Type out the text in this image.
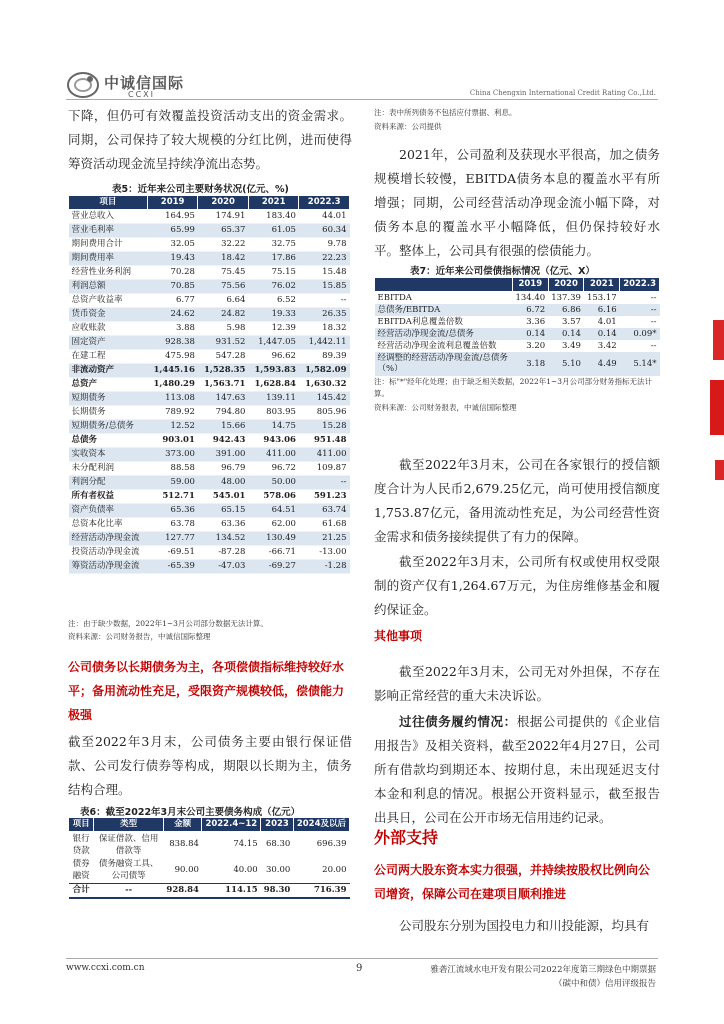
中诚信国际
CCXI	China Chengxin International Credit Rating Co.,Ltd.
下降，但仍可有效覆盖投资活动支出的资金需求。同期，公司保持了较大规模的分红比例，进而使得筹资活动现金流呈持续净流出态势。
表5：近年来公司主要财务状况(亿元、%)
项目	2019	2020	2021	2022.3
营业总收入	164.95	174.91	183.40	44.01
营业毛利率	65.99	65.37	61.05	60.34
期间费用合计	32.05	32.22	32.75	9.78
期间费用率	19.43	18.42	17.86	22.23
经营性业务利润	70.28	75.45	75.15	15.48
利润总额	70.85	75.56	76.02	15.85
总资产收益率	6.77	6.64	6.52	--
货币资金	24.62	24.82	19.33	26.35
应收账款	3.88	5.98	12.39	18.32
固定资产	928.38	931.52	1,447.05	1,442.11
在建工程	475.98	547.28	96.62	89.39
非流动资产	1,445.16	1,528.35	1,593.83	1,582.09
总资产	1,480.29	1,563.71	1,628.84	1,630.32
短期债务	113.08	147.63	139.11	145.42
长期债务	789.92	794.80	803.95	805.96
短期债务/总债务	12.52	15.66	14.75	15.28
总债务	903.01	942.43	943.06	951.48
实收资本	373.00	391.00	411.00	411.00
未分配利润	88.58	96.79	96.72	109.87
利润分配	59.00	48.00	50.00	--
所有者权益	512.71	545.01	578.06	591.23
资产负债率	65.36	65.15	64.51	63.74
总资本化比率	63.78	63.36	62.00	61.68
经营活动净现金流	127.77	134.52	130.49	21.25
投资活动净现金流	-69.51	-87.28	-66.71	-13.00
筹资活动净现金流	-65.39	-47.03	-69.27	-1.28
注：由于缺少数据，2022年1~3月公司部分数据无法计算。
资料来源：公司财务报告，中诚信国际整理
公司债务以长期债务为主，各项偿债指标维持较好水平；备用流动性充足，受限资产规模较低，偿债能力极强
截至2022年3月末，公司债务主要由银行保证借款、公司发行债券等构成，期限以长期为主，债务结构合理。
表6：截至2022年3月末公司主要债务构成（亿元）
项目	类型	金额	2022.4~12	2023	2024及以后
银行贷款	保证借款、信用借款等	838.84	74.15	68.30	696.39
债券融资	债务融资工具、公司债等	90.00	40.00	30.00	20.00
合计	--	928.84	114.15	98.30	716.39
注：表中所列债务不包括应付票据、利息。
资料来源：公司提供
2021年，公司盈利及获现水平很高，加之债务规模增长较慢，EBITDA债务本息的覆盖水平有所增强；同期，公司经营活动净现金流小幅下降，对债务本息的覆盖水平小幅降低，但仍保持较好水平。整体上，公司具有很强的偿债能力。
表7：近年来公司偿债指标情况（亿元、X）
	2019	2020	2021	2022.3
EBITDA	134.40	137.39	153.17	--
总债务/EBITDA	6.72	6.86	6.16	--
EBITDA利息覆盖倍数	3.36	3.57	4.01	--
经营活动净现金流/总债务	0.14	0.14	0.14	0.09*
经营活动净现金流利息覆盖倍数	3.20	3.49	3.42	--
经调整的经营活动净现金流/总债务（%）	3.18	5.10	4.49	5.14*
注：标"*"经年化处理；由于缺乏相关数据，2022年1~3月公司部分财务指标无法计算。
资料来源：公司财务报表，中诚信国际整理
截至2022年3月末，公司在各家银行的授信额度合计为人民币2,679.25亿元，尚可使用授信额度1,753.87亿元，备用流动性充足，为公司经营性资金需求和债务接续提供了有力的保障。
截至2022年3月末，公司所有权或使用权受限制的资产仅有1,264.67万元，为住房维修基金和履约保证金。
其他事项
截至2022年3月末，公司无对外担保，不存在影响正常经营的重大未决诉讼。
过往债务履约情况：根据公司提供的《企业信用报告》及相关资料，截至2022年4月27日，公司所有借款均到期还本、按期付息，未出现延迟支付本金和利息的情况。根据公开资料显示，截至报告出具日，公司在公开市场无信用违约记录。
外部支持
公司两大股东资本实力很强，并持续按股权比例向公司增资，保障公司在建项目顺利推进
公司股东分别为国投电力和川投能源，均具有
www.ccxi.com.cn	9	雅砻江流域水电开发有限公司2022年度第三期绿色中期票据
（碳中和债）信用评级报告
